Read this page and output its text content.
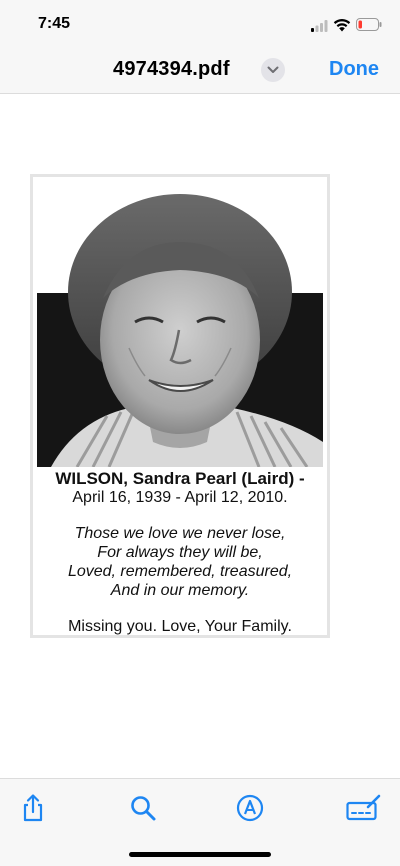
7:45
4974394.pdf	Done
WILSON, Sandra Pearl (Laird) -
April 16, 1939 - April 12, 2010.
Those we love we never lose,
For always they will be,
Loved, remembered, treasured,
And in our memory.
Missing you. Love, Your Family.
